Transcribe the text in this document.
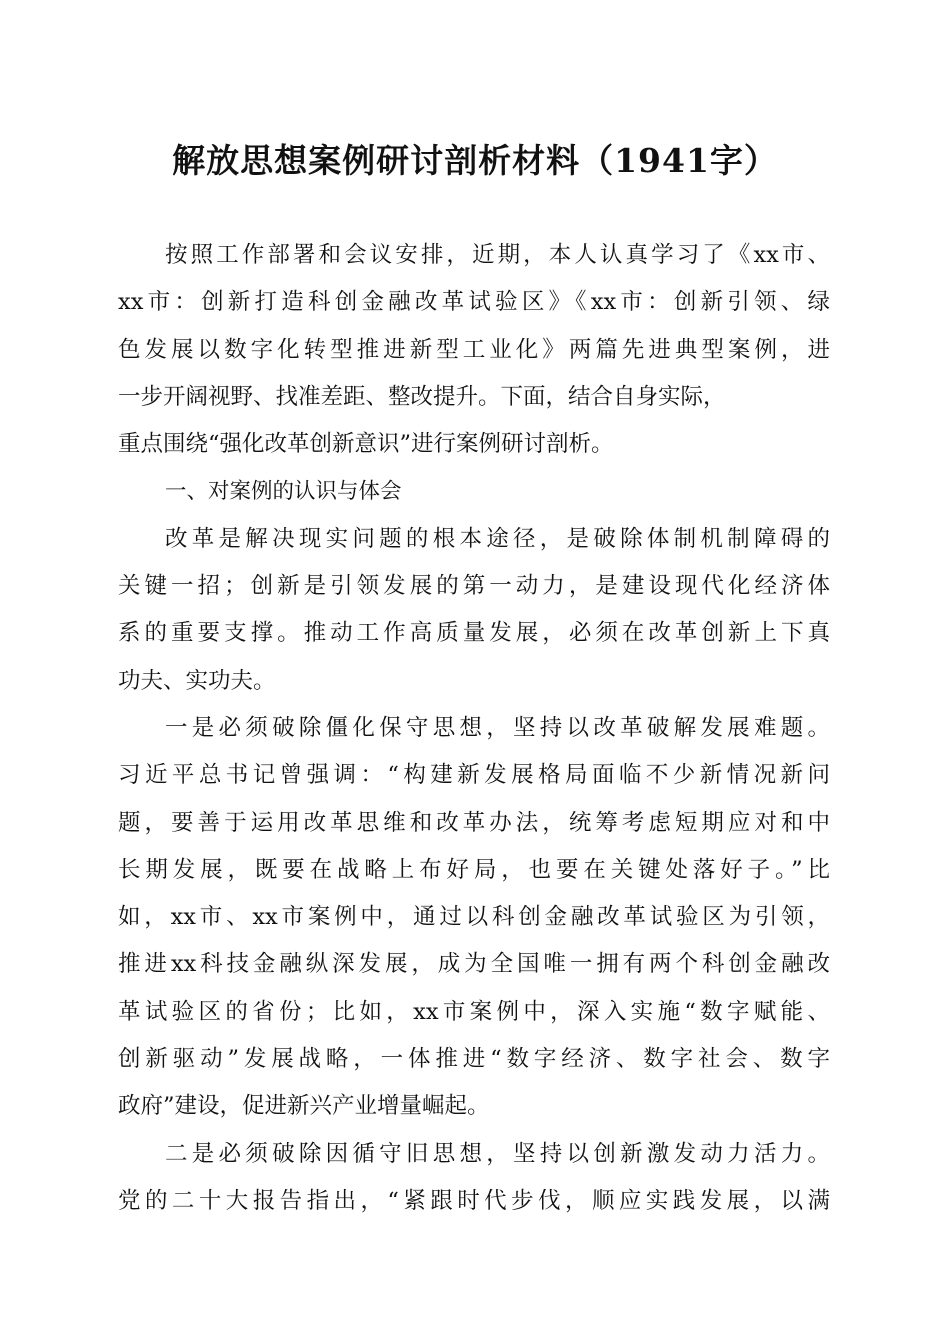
解放思想案例研讨剖析材料（1941字）
按照工作部署和会议安排，近期，本人认真学习了《xx市、
xx市：创新打造科创金融改革试验区》《xx市：创新引领、绿
色发展以数字化转型推进新型工业化》两篇先进典型案例，进
一步开阔视野、找准差距、整改提升。下面，结合自身实际，
重点围绕“强化改革创新意识”进行案例研讨剖析。
一、对案例的认识与体会
改革是解决现实问题的根本途径，是破除体制机制障碍的
关键一招；创新是引领发展的第一动力，是建设现代化经济体
系的重要支撑。推动工作高质量发展，必须在改革创新上下真
功夫、实功夫。
一是必须破除僵化保守思想，坚持以改革破解发展难题。
习近平总书记曾强调：“构建新发展格局面临不少新情况新问
题，要善于运用改革思维和改革办法，统筹考虑短期应对和中
长期发展，既要在战略上布好局，也要在关键处落好子。”比
如，xx市、xx市案例中，通过以科创金融改革试验区为引领，
推进xx科技金融纵深发展，成为全国唯一拥有两个科创金融改
革试验区的省份；比如，xx市案例中，深入实施“数字赋能、
创新驱动”发展战略，一体推进“数字经济、数字社会、数字
政府”建设，促进新兴产业增量崛起。
二是必须破除因循守旧思想，坚持以创新激发动力活力。
党的二十大报告指出，“紧跟时代步伐，顺应实践发展，以满
